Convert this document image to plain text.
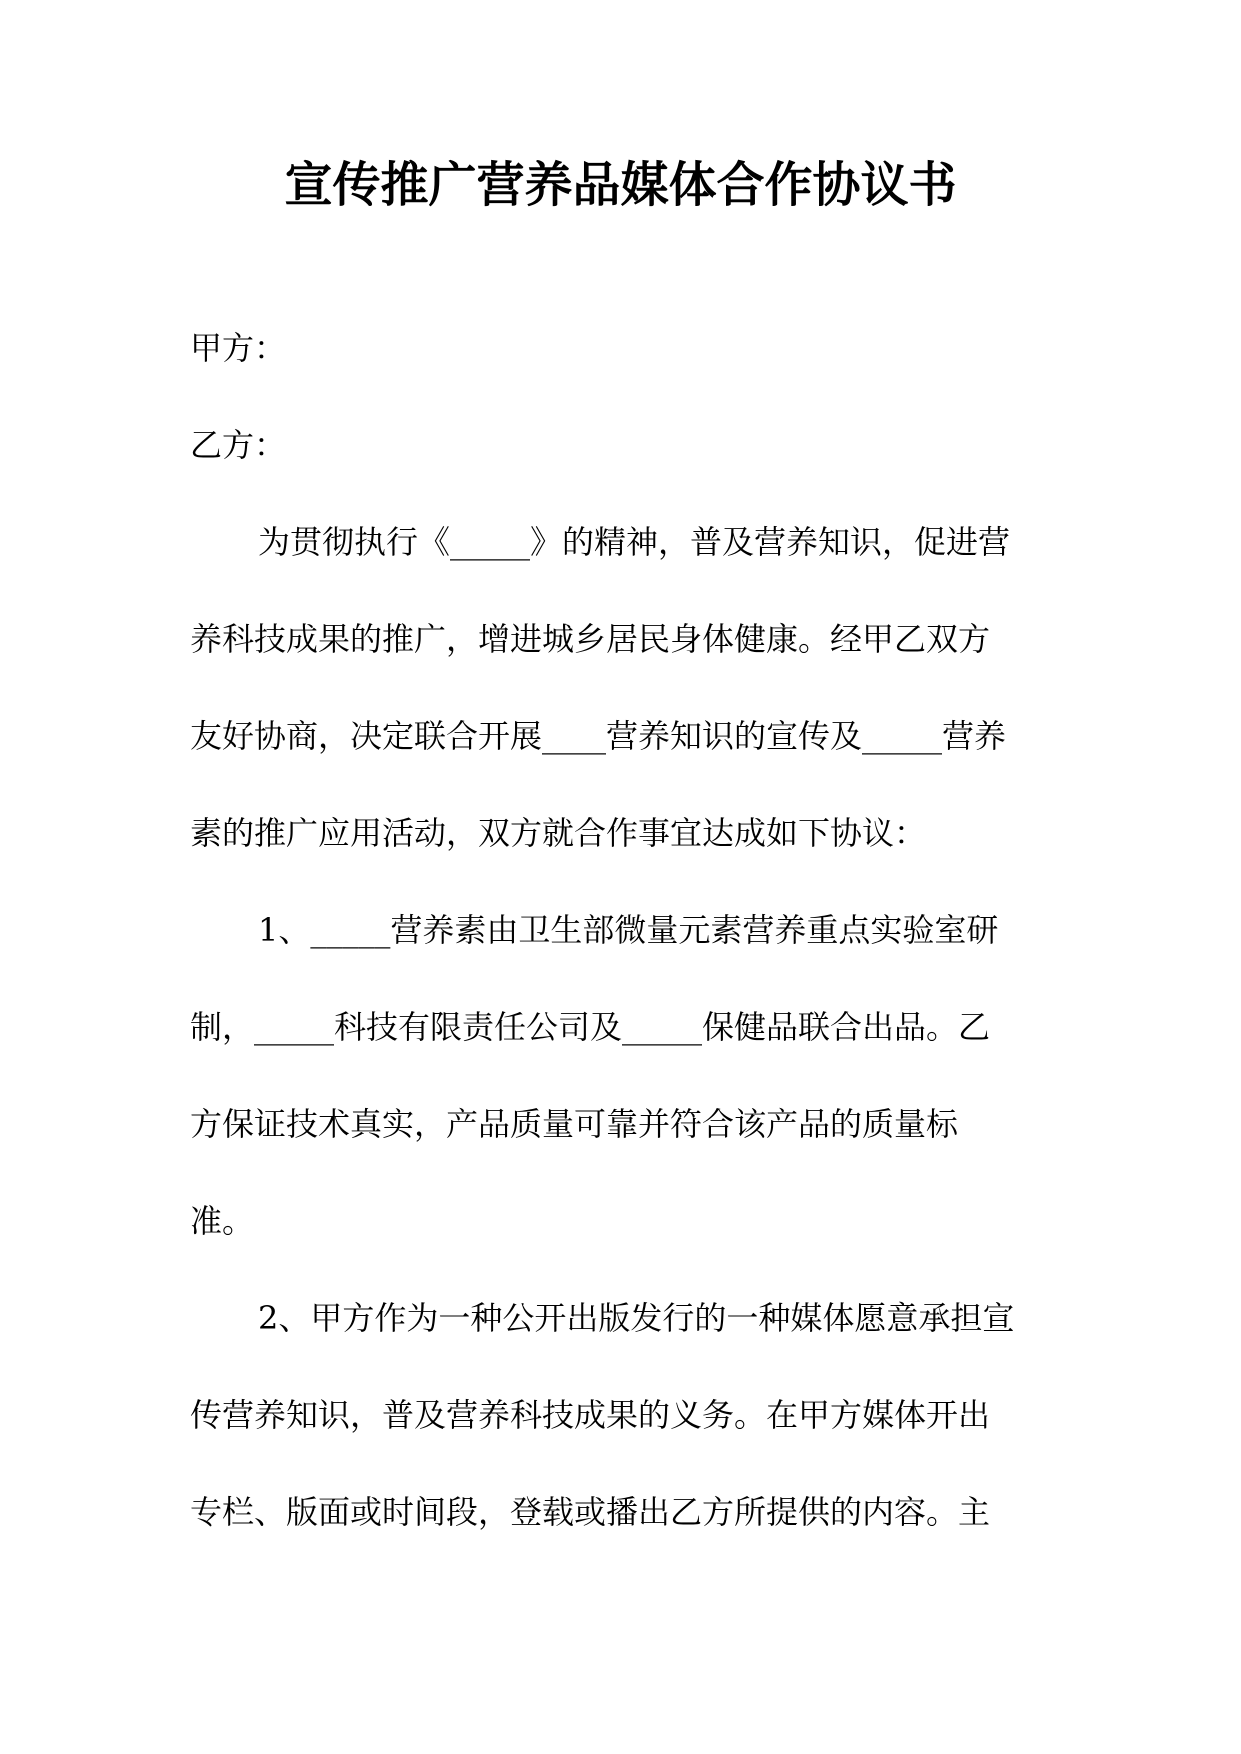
宣传推广营养品媒体合作协议书

甲方：

乙方：

为贯彻执行《_____》的精神，普及营养知识，促进营
养科技成果的推广，增进城乡居民身体健康。经甲乙双方
友好协商，决定联合开展____营养知识的宣传及_____营养
素的推广应用活动，双方就合作事宜达成如下协议：

1、_____营养素由卫生部微量元素营养重点实验室研
制，_____科技有限责任公司及_____保健品联合出品。乙
方保证技术真实，产品质量可靠并符合该产品的质量标
准。

2、甲方作为一种公开出版发行的一种媒体愿意承担宣
传营养知识，普及营养科技成果的义务。在甲方媒体开出
专栏、版面或时间段，登载或播出乙方所提供的内容。主
